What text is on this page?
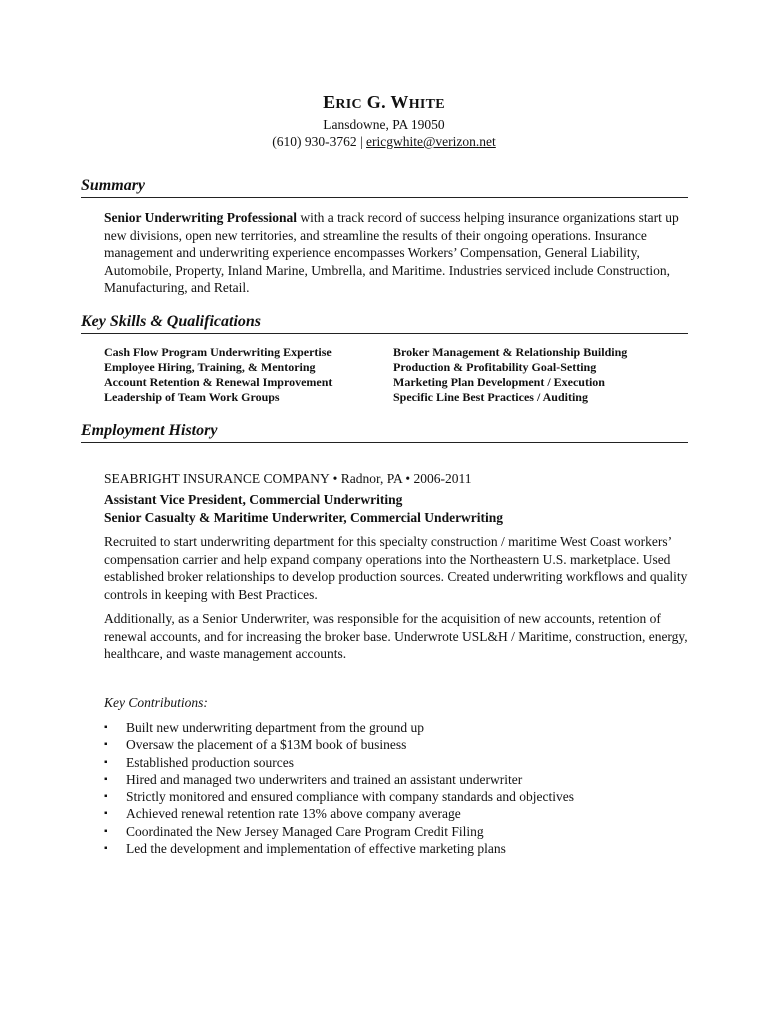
ERIC G. WHITE
Lansdowne, PA 19050
(610) 930-3762 | ericgwhite@verizon.net
Summary
Senior Underwriting Professional with a track record of success helping insurance organizations start up new divisions, open new territories, and streamline the results of their ongoing operations. Insurance management and underwriting experience encompasses Workers’ Compensation, General Liability, Automobile, Property, Inland Marine, Umbrella, and Maritime. Industries serviced include Construction, Manufacturing, and Retail.
Key Skills & Qualifications
Cash Flow Program Underwriting Expertise	Broker Management & Relationship Building
Employee Hiring, Training, & Mentoring	Production & Profitability Goal-Setting
Account Retention & Renewal Improvement	Marketing Plan Development / Execution
Leadership of Team Work Groups	Specific Line Best Practices / Auditing
Employment History
SEABRIGHT INSURANCE COMPANY • Radnor, PA • 2006-2011
Assistant Vice President, Commercial Underwriting
Senior Casualty & Maritime Underwriter, Commercial Underwriting
Recruited to start underwriting department for this specialty construction / maritime West Coast workers’ compensation carrier and help expand company operations into the Northeastern U.S. marketplace. Used established broker relationships to develop production sources. Created underwriting workflows and quality controls in keeping with Best Practices.
Additionally, as a Senior Underwriter, was responsible for the acquisition of new accounts, retention of renewal accounts, and for increasing the broker base. Underwrote USL&H / Maritime, construction, energy, healthcare, and waste management accounts.
Key Contributions:
▪ Built new underwriting department from the ground up
▪ Oversaw the placement of a $13M book of business
▪ Established production sources
▪ Hired and managed two underwriters and trained an assistant underwriter
▪ Strictly monitored and ensured compliance with company standards and objectives
▪ Achieved renewal retention rate 13% above company average
▪ Coordinated the New Jersey Managed Care Program Credit Filing
▪ Led the development and implementation of effective marketing plans
